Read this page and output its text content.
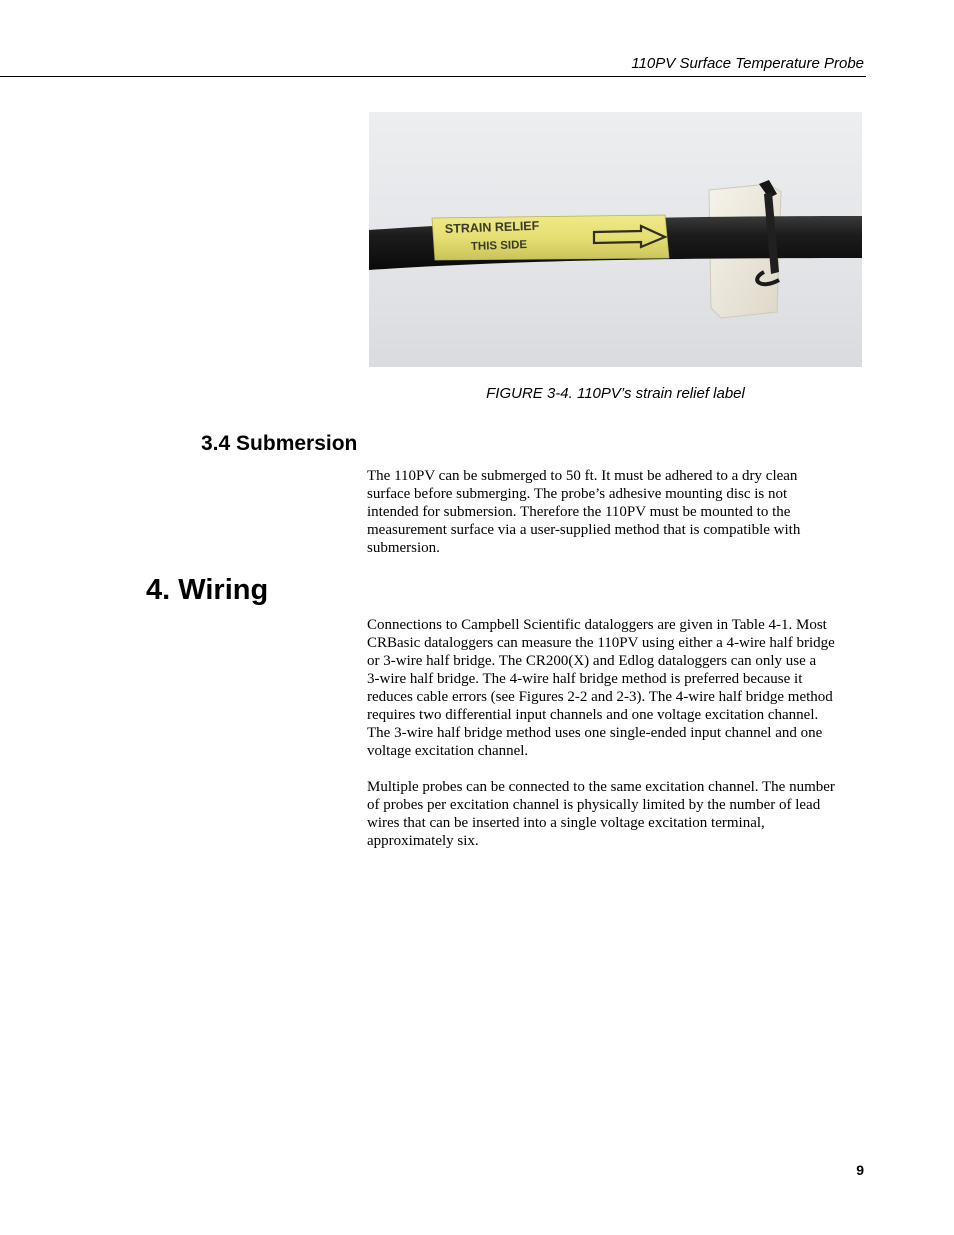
110PV Surface Temperature Probe
STRAIN RELIEF
THIS SIDE
FIGURE 3-4. 110PV’s strain relief label
3.4 Submersion

The 110PV can be submerged to 50 ft. It must be adhered to a dry clean
surface before submerging. The probe’s adhesive mounting disc is not
intended for submersion. Therefore the 110PV must be mounted to the
measurement surface via a user-supplied method that is compatible with
submersion.

4. Wiring

Connections to Campbell Scientific dataloggers are given in Table 4-1. Most
CRBasic dataloggers can measure the 110PV using either a 4-wire half bridge
or 3-wire half bridge. The CR200(X) and Edlog dataloggers can only use a
3-wire half bridge. The 4-wire half bridge method is preferred because it
reduces cable errors (see Figures 2-2 and 2-3). The 4-wire half bridge method
requires two differential input channels and one voltage excitation channel.
The 3-wire half bridge method uses one single-ended input channel and one
voltage excitation channel.

Multiple probes can be connected to the same excitation channel. The number
of probes per excitation channel is physically limited by the number of lead
wires that can be inserted into a single voltage excitation terminal,
approximately six.

9
